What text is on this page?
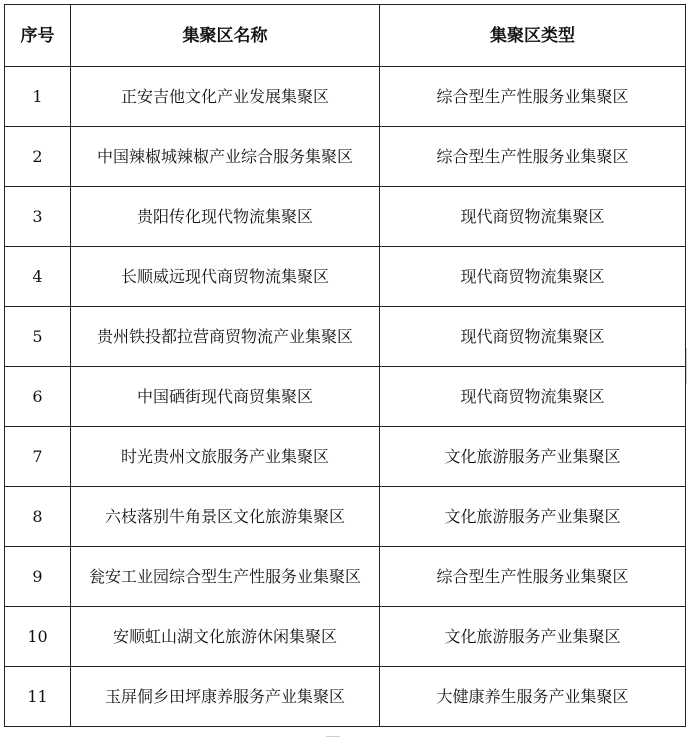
序号	集聚区名称	集聚区类型
1	正安吉他文化产业发展集聚区	综合型生产性服务业集聚区
2	中国辣椒城辣椒产业综合服务集聚区	综合型生产性服务业集聚区
3	贵阳传化现代物流集聚区	现代商贸物流集聚区
4	长顺威远现代商贸物流集聚区	现代商贸物流集聚区
5	贵州铁投都拉营商贸物流产业集聚区	现代商贸物流集聚区
6	中国硒街现代商贸集聚区	现代商贸物流集聚区
7	时光贵州文旅服务产业集聚区	文化旅游服务产业集聚区
8	六枝落别牛角景区文化旅游集聚区	文化旅游服务产业集聚区
9	瓮安工业园综合型生产性服务业集聚区	综合型生产性服务业集聚区
10	安顺虹山湖文化旅游休闲集聚区	文化旅游服务产业集聚区
11	玉屏侗乡田坪康养服务产业集聚区	大健康养生服务产业集聚区
